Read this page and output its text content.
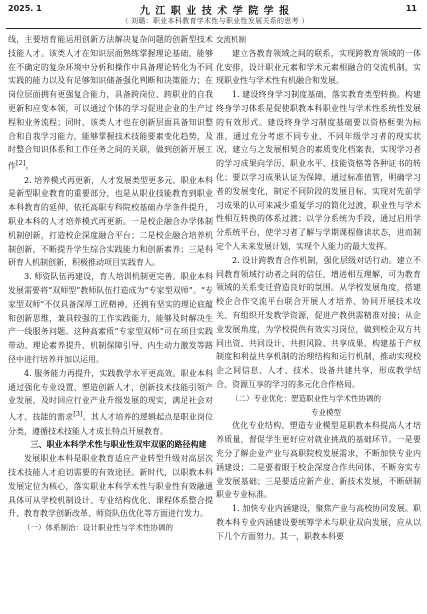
2025. 1	九 江 职 业 技 术 学 院 学 报
（ 刘璐：职业本科教育学术性与职业性发展关系的思考 ）
11

线，主要培育能运用创新方法解决复杂问题的创新型技术技能人才。该类人才在知识层面熟练掌握理论基础，能够在不确定的复杂环境中分析和操作中具备理论转化为不同实践的能力以及有足够知识储备强化判断和决策能力；在岗位层面拥有更强复合能力，具备跨岗位、跨职业的自我更新和应变本领，可以通过个体的学习促进企业的生产过程和业务流程；同时，该类人才也在创新层面具备知识整合和自我学习能力，能够掌握技术技能要素变化趋势，及时整合知识体系和工作任务之间的关联，做到创新开展工作[2]。

2. 培养模式再更新，人才发展类型更多元。职业本科是新型职业教育的重要部分，也是从职业技能教育到职业本科教育的延伸，依托高职专科院校基础办学条件提升，职业本科的人才培养模式再更新。一是校企融合办学体制机制创新，打造校企深度融合平台；二是校企融合培养机制创新，不断提升学生综合实践能力和创新素养；三是科研育人机制创新，积极推动项目实践育人。

3. 师资队伍再建设，育人培训机制更完善。职业本科发展需要将“双师型”教师队伍打造成为“专家型双师”。“专家型双师”不仅具备深厚工匠精神，还拥有坚实的理论底蕴和创新思维，兼具较强的工作实践能力，能够及时解决生产一线服务问题。这种高素质“专家型双师”可在项目实践带动、理论素养提升、机制保障引导、内生动力激发等路径中进行培养并加以运用。

4. 服务能力再提升，实践教学水平更高效。职业本科通过强化专业设置、塑造创新人才，创新技术技能引领产业发展，及时回应行业产业升级发展的现实，满足社会对人才、技能的需求[3]。其人才培养的逻辑起点是职业岗位分类，遵循技术技能人才成长特点开展教育。

三、职业本科学术性与职业性双牢双驱的路径构建

发展职业本科是职业教育适应产业转型升级对高层次技术技能人才迫切需要的有效途径。新时代，以职教本科发展定位为核心，落实职业本科学术性与职业性有效融通具体可从学校机制设计、专业结构优化、课程体系整合提升、教育教学创新改革、师资队伍优化等方面进行发力。

（一）体系制治：设计职业性与学术性协调的

交流机制

建立各教育领域之间的联系，实现跨教育领域的一体化安排，设计职业元素和学术元素相融合的交流机制，实现职业性与学术性有机融合和发展。

1. 建设终身学习制度基础，落实教育类型转换。构建终身学习体系是促使职教本科职业性与学术性系统性发展的有效形式。建设终身学习制度基础要以资格框架为标准，通过充分考虑不同专业、不同年级学习者的现实状况，建立与之发展相契合的素质变化档案表，实现学习者的学习成果向学历、职业水平、技能资格等各种证书的转化；要以学习成果认证为保障，通过标准值管，明确学习者的发展变化，制定不同阶段的发展目标，实现对先前学习成果的认可来减少重复学习的简化过渡，职业性与学术性相互转换的体系过渡；以学分系统为手段，通过启用学分系统平台，使学习者了解与学期课程修读状态，进而制定个人未来发展计划，实现个人能力的最大发挥。

2. 设计跨教育合作机制，强化层级对话行动。建立不同教育领域行动者之间的信任，增进相互理解，可为教育领域的关系变迁营造良好的氛围。从学校发展角度，搭建校企合作交流平台联合开展人才培养、协同开展技术攻关、有组织开发教学资源，促进产教供需精准对接；从企业发展角度，为学校提供有效实习岗位，做到校企双方共同出资、共同设计、共担风险、共享成果，构建基于产权制度和利益共享机制的治理结构和运行机制，推动实现校企之间信息、人才、技术、设备共建共享，形成教学结合、资源互享的学习的多元化合作格局。

（二）专业优化：塑造职业性与学术性协调的

专业模型

优化专业结构、塑造专业模型是职教本科提高人才培养质量，督促学生更好应对就业挑战的基础环节。一是要充分了解企业产业与高职院校发展需求，不断加快专业内涵建设；二是要着眼于校企深度合作共同体，不断夯实专业发展基础；三是要适应新产业、新技术发展，不断研制职业专业标准。

1. 加快专业内涵建设，聚焦产业与高校协同发展。职教本科专业内涵建设要统筹学术与职业双向发展，应从以下几个方面努力。其一，职教本科要
